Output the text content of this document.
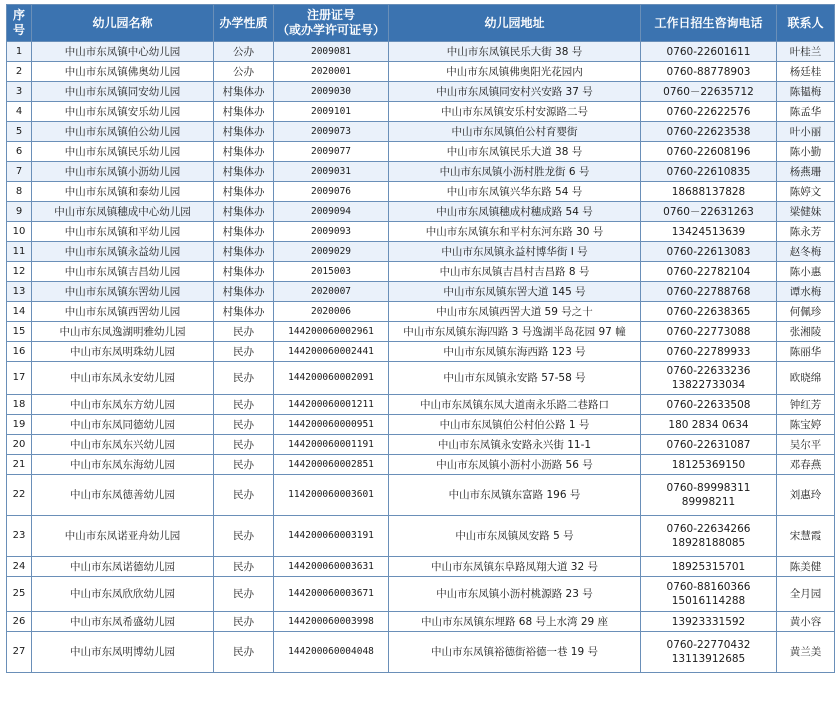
序
号	幼儿园名称	办学性质	注册证号
（或办学许可证号）	幼儿园地址	工作日招生咨询电话	联系人
1	中山市东凤镇中心幼儿园	公办	2009081	中山市东凤镇民乐大街 38 号	0760-22601611	叶桂兰
2	中山市东凤镇佛奥幼儿园	公办	2020001	中山市东凤镇佛奥阳光花园内	0760-88778903	杨廷桂
3	中山市东凤镇同安幼儿园	村集体办	2009030	中山市东凤镇同安村兴安路 37 号	0760－22635712	陈韫梅
4	中山市东凤镇安乐幼儿园	村集体办	2009101	中山市东凤镇安乐村安源路二号	0760-22622576	陈孟华
5	中山市东凤镇伯公幼儿园	村集体办	2009073	中山市东凤镇伯公村育婴街	0760-22623538	叶小丽
6	中山市东凤镇民乐幼儿园	村集体办	2009077	中山市东凤镇民乐大道 38 号	0760-22608196	陈小勤
7	中山市东凤镇小沥幼儿园	村集体办	2009031	中山市东凤镇小沥村胜龙街 6 号	0760-22610835	杨燕珊
8	中山市东凤镇和泰幼儿园	村集体办	2009076	中山市东凤镇兴华东路 54 号	18688137828	陈婷文
9	中山市东凤镇穗成中心幼儿园	村集体办	2009094	中山市东凤镇穗成村穗成路 54 号	0760－22631263	梁健妹
10	中山市东凤镇和平幼儿园	村集体办	2009093	中山市东凤镇东和平村东河东路 30 号	13424513639	陈永芳
11	中山市东凤镇永益幼儿园	村集体办	2009029	中山市东凤镇永益村博华街 I 号	0760-22613083	赵冬梅
12	中山市东凤镇吉昌幼儿园	村集体办	2015003	中山市东凤镇吉昌村吉昌路 8 号	0760-22782104	陈小惠
13	中山市东凤镇东罟幼儿园	村集体办	2020007	中山市东凤镇东罟大道 145 号	0760-22788768	谭水梅
14	中山市东凤镇西罟幼儿园	村集体办	2020006	中山市东凤镇西罟大道 59 号之十	0760-22638365	何佩珍
15	中山市东凤逸湖明雅幼儿园	民办	144200060002961	中山市东凤镇东海四路 3 号逸湖半岛花园 97 幢	0760-22773088	张湘陵
16	中山市东凤明珠幼儿园	民办	144200060002441	中山市东凤镇东海西路 123 号	0760-22789933	陈丽华
17	中山市东凤永安幼儿园	民办	144200060002091	中山市东凤镇永安路 57-58 号	0760-22633236
13822733034	欧晓绵
18	中山市东凤东方幼儿园	民办	144200060001211	中山市东凤镇东凤大道南永乐路二巷路口	0760-22633508	钟红芳
19	中山市东凤同德幼儿园	民办	144200060000951	中山市东凤镇伯公村伯公路 1 号	180 2834 0634	陈宝婷
20	中山市东凤东兴幼儿园	民办	144200060001191	中山市东凤镇永安路永兴街 11-1	0760-22631087	吴尔平
21	中山市东凤东海幼儿园	民办	144200060002851	中山市东凤镇小沥村小沥路 56 号	18125369150	邓春燕
22	中山市东凤德善幼儿园	民办	114200060003601	中山市东凤镇东富路 196 号	0760-89998311
89998211	刘惠玲
23	中山市东凤诺亚舟幼儿园	民办	144200060003191	中山市东凤镇凤安路 5 号	0760-22634266
18928188085	宋慧霞
24	中山市东凤诺德幼儿园	民办	144200060003631	中山市东凤镇东阜路凤翔大道 32 号	18925315701	陈美健
25	中山市东凤欣欣幼儿园	民办	144200060003671	中山市东凤镇小沥村桃源路 23 号	0760-88160366
15016114288	全月园
26	中山市东凤希盛幼儿园	民办	144200060003998	中山市东凤镇东埋路 68 号上水湾 29 座	13923331592	黄小容
27	中山市东凤明博幼儿园	民办	144200060004048	中山市东凤镇裕德街裕德一巷 19 号	0760-22770432
13113912685	黄兰美
